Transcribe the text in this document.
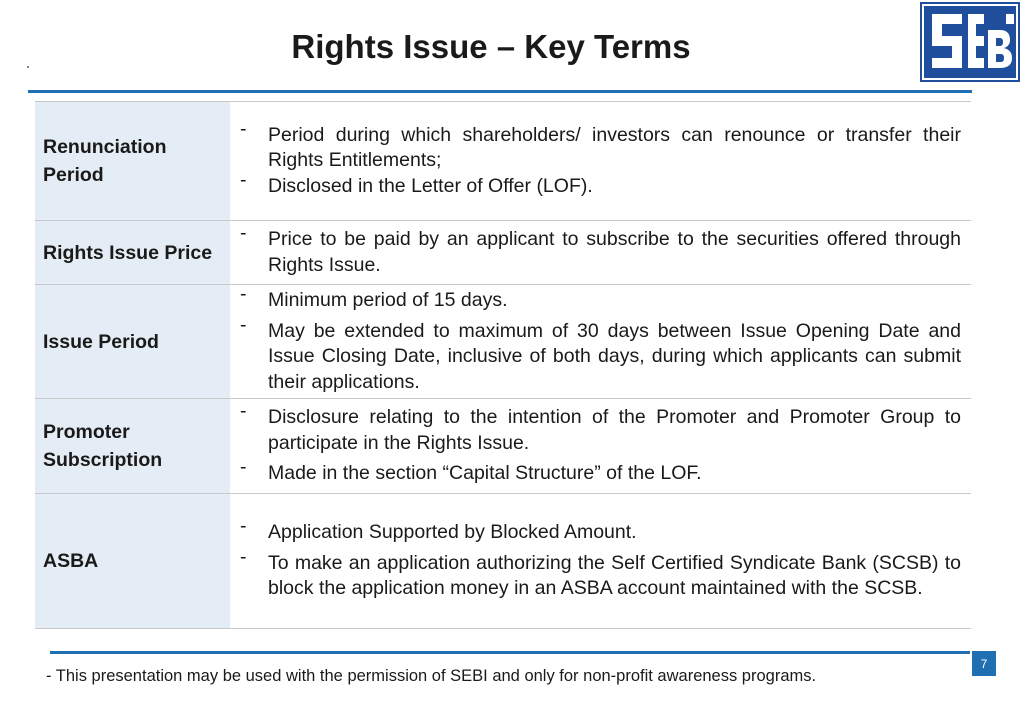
Rights Issue – Key Terms
Renunciation Period
-	Period during which shareholders/ investors can renounce or transfer their Rights Entitlements;
-	Disclosed in the Letter of Offer (LOF).
Rights Issue Price
-	Price to be paid by an applicant to subscribe to the securities offered through Rights Issue.
Issue Period
-	Minimum period of 15 days.
-	May be extended to maximum of 30 days between Issue Opening Date and Issue Closing Date, inclusive of both days, during which applicants can submit their applications.
Promoter Subscription
-	Disclosure relating to the intention of the Promoter and Promoter Group to participate in the Rights Issue.
-	Made in the section “Capital Structure” of the LOF.
ASBA
-	Application Supported by Blocked Amount.
-	To make an application authorizing the Self Certified Syndicate Bank (SCSB) to block the application money in an ASBA account maintained with the SCSB.
7
- This presentation may be used with the permission of SEBI and only for non-profit awareness programs.
